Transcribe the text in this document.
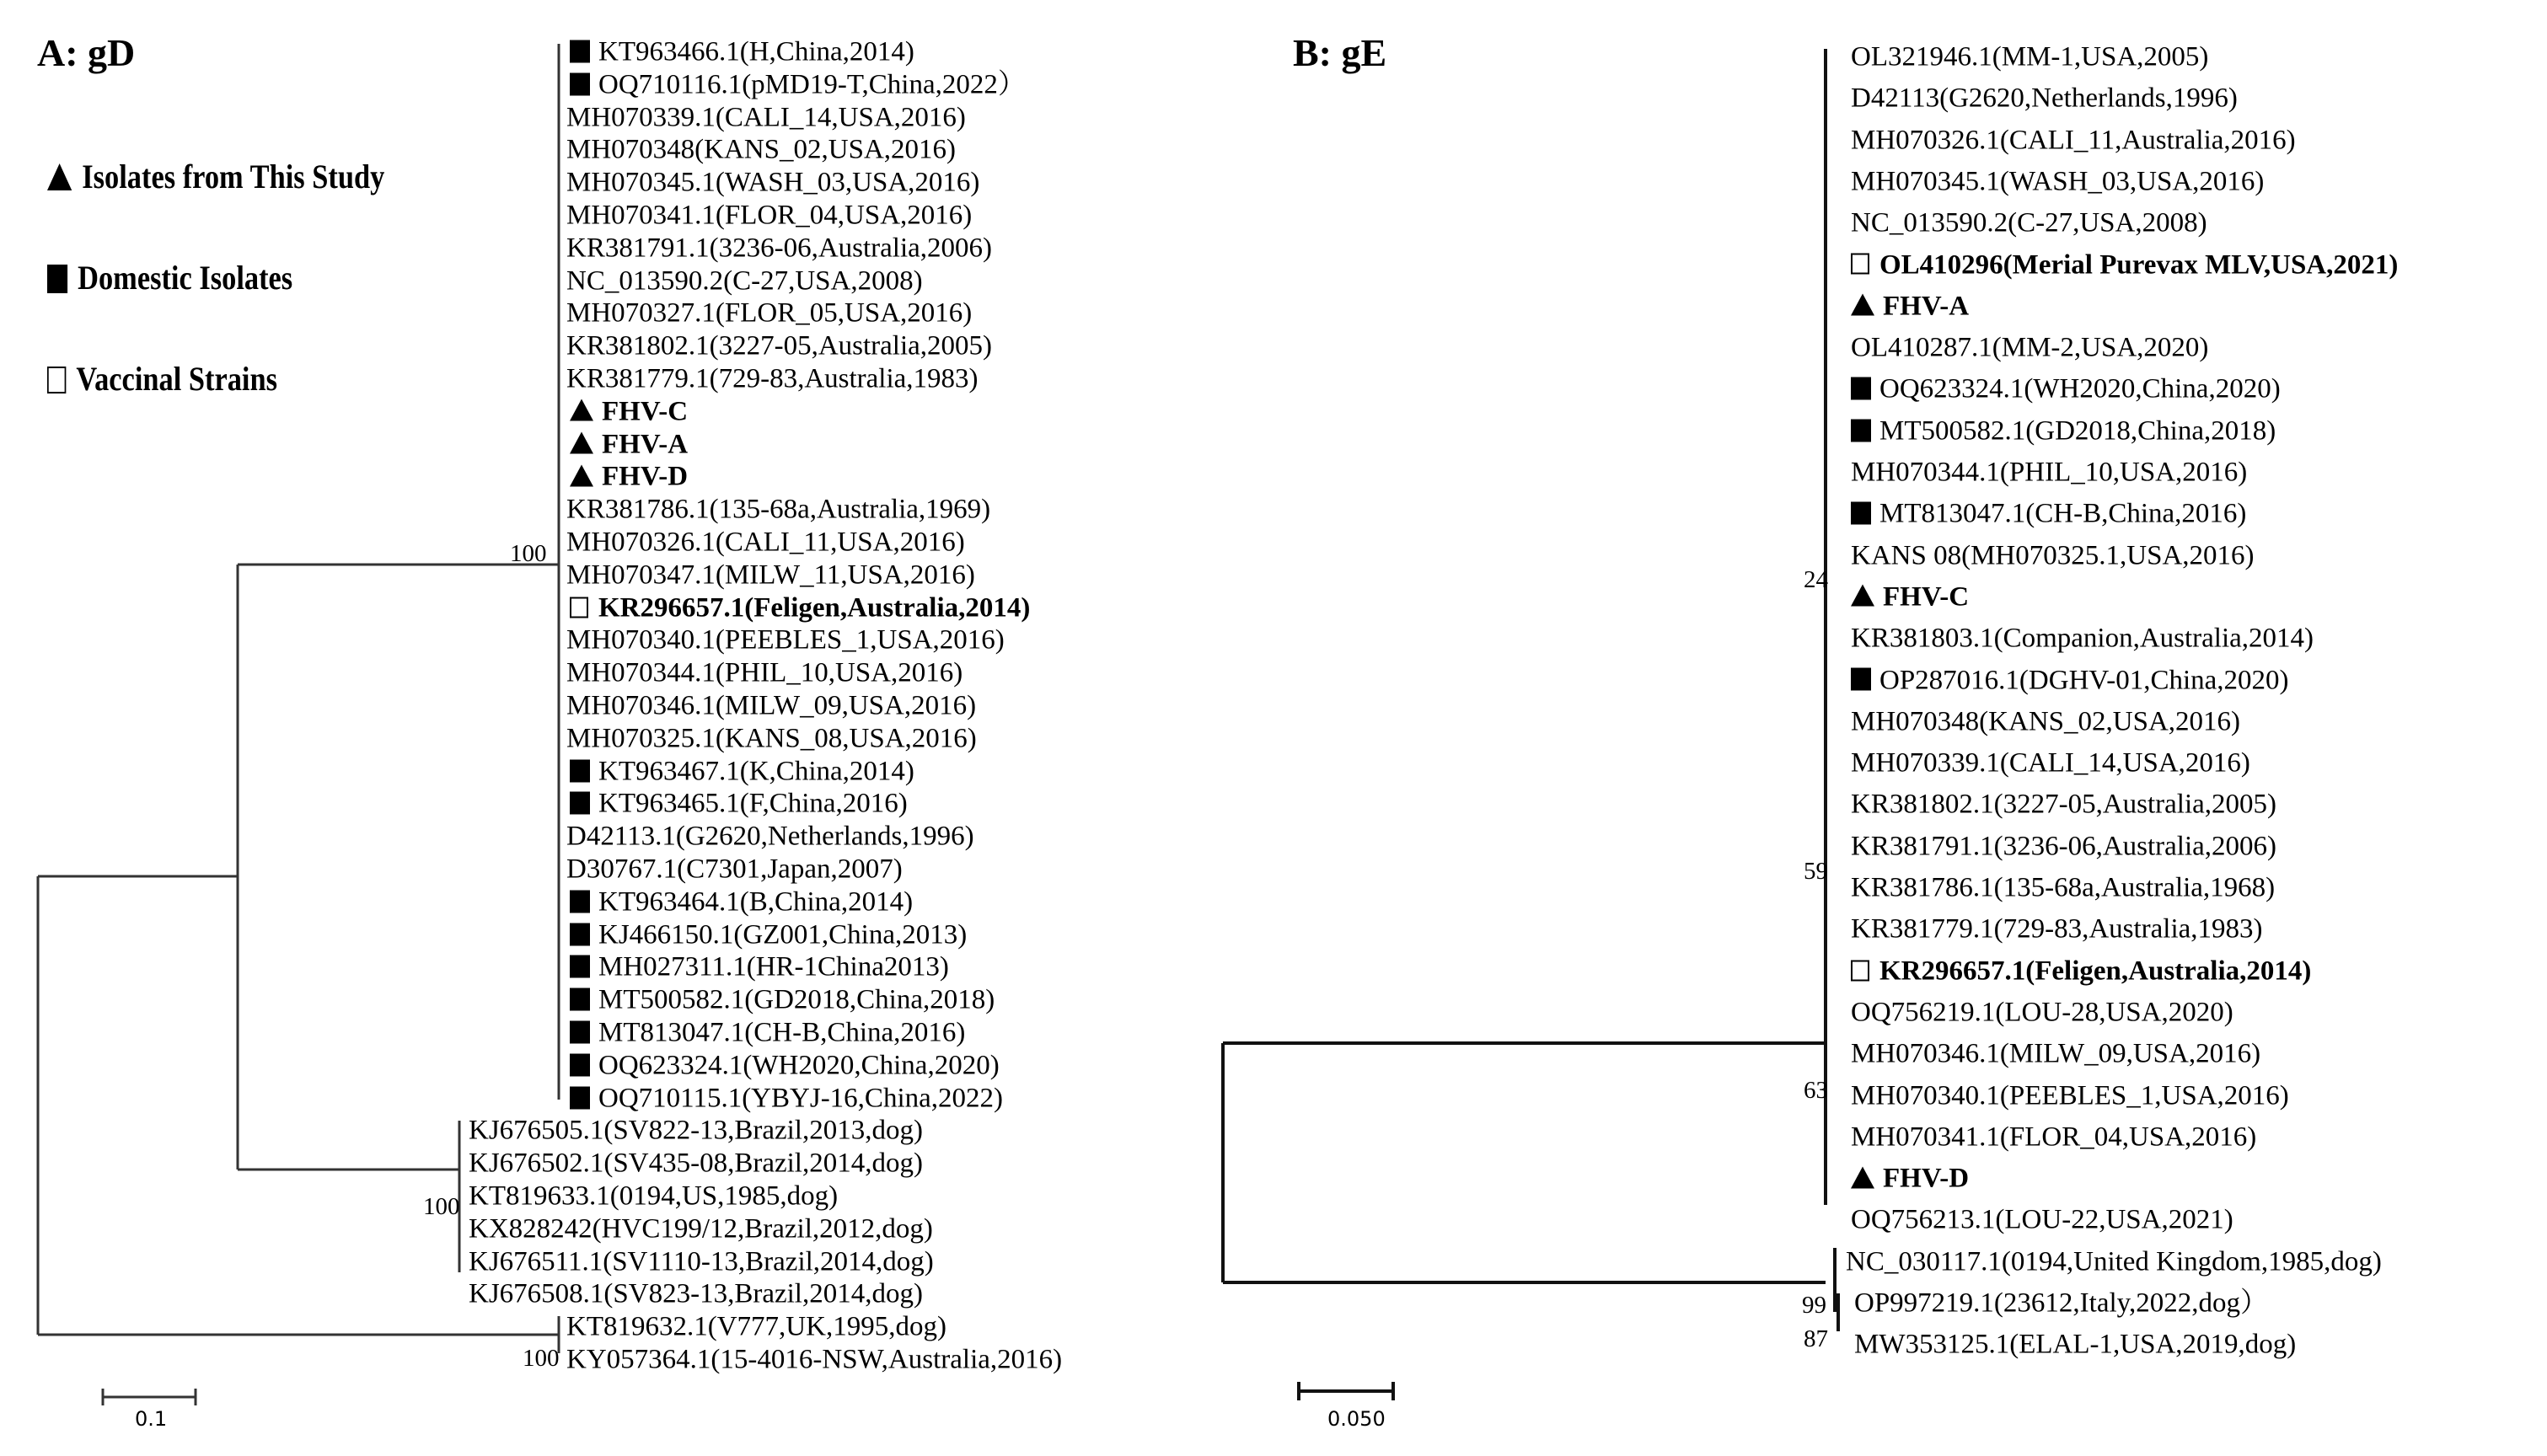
A: gD
Isolates from This Study
Domestic Isolates
Vaccinal Strains
KT963466.1(H,China,2014)
OQ710116.1(pMD19-T,China,2022）
MH070339.1(CALI_14,USA,2016)
MH070348(KANS_02,USA,2016)
MH070345.1(WASH_03,USA,2016)
MH070341.1(FLOR_04,USA,2016)
KR381791.1(3236-06,Australia,2006)
NC_013590.2(C-27,USA,2008)
MH070327.1(FLOR_05,USA,2016)
KR381802.1(3227-05,Australia,2005)
KR381779.1(729-83,Australia,1983)
FHV-C
FHV-A
FHV-D
KR381786.1(135-68a,Australia,1969)
MH070326.1(CALI_11,USA,2016)
MH070347.1(MILW_11,USA,2016)
KR296657.1(Feligen,Australia,2014)
MH070340.1(PEEBLES_1,USA,2016)
MH070344.1(PHIL_10,USA,2016)
MH070346.1(MILW_09,USA,2016)
MH070325.1(KANS_08,USA,2016)
KT963467.1(K,China,2014)
KT963465.1(F,China,2016)
D42113.1(G2620,Netherlands,1996)
D30767.1(C7301,Japan,2007)
KT963464.1(B,China,2014)
KJ466150.1(GZ001,China,2013)
MH027311.1(HR-1China2013)
MT500582.1(GD2018,China,2018)
MT813047.1(CH-B,China,2016)
OQ623324.1(WH2020,China,2020)
OQ710115.1(YBYJ-16,China,2022)
KJ676505.1(SV822-13,Brazil,2013,dog)
KJ676502.1(SV435-08,Brazil,2014,dog)
KT819633.1(0194,US,1985,dog)
KX828242(HVC199/12,Brazil,2012,dog)
KJ676511.1(SV1110-13,Brazil,2014,dog)
KJ676508.1(SV823-13,Brazil,2014,dog)
KT819632.1(V777,UK,1995,dog)
KY057364.1(15-4016-NSW,Australia,2016)
100
100
100
0.1
B: gE	OL321946.1(MM-1,USA,2005)
D42113(G2620,Netherlands,1996)
MH070326.1(CALI_11,Australia,2016)
MH070345.1(WASH_03,USA,2016)
NC_013590.2(C-27,USA,2008)
OL410296(Merial Purevax MLV,USA,2021)
FHV-A
OL410287.1(MM-2,USA,2020)
OQ623324.1(WH2020,China,2020)
MT500582.1(GD2018,China,2018)
MH070344.1(PHIL_10,USA,2016)
MT813047.1(CH-B,China,2016)
KANS 08(MH070325.1,USA,2016)
FHV-C
KR381803.1(Companion,Australia,2014)
OP287016.1(DGHV-01,China,2020)
MH070348(KANS_02,USA,2016)
MH070339.1(CALI_14,USA,2016)
KR381802.1(3227-05,Australia,2005)
KR381791.1(3236-06,Australia,2006)
KR381786.1(135-68a,Australia,1968)
KR381779.1(729-83,Australia,1983)
KR296657.1(Feligen,Australia,2014)
OQ756219.1(LOU-28,USA,2020)
MH070346.1(MILW_09,USA,2016)
MH070340.1(PEEBLES_1,USA,2016)
MH070341.1(FLOR_04,USA,2016)
FHV-D
OQ756213.1(LOU-22,USA,2021)
NC_030117.1(0194,United Kingdom,1985,dog)
OP997219.1(23612,Italy,2022,dog）
MW353125.1(ELAL-1,USA,2019,dog)
24
59
63
99
87
0.050
